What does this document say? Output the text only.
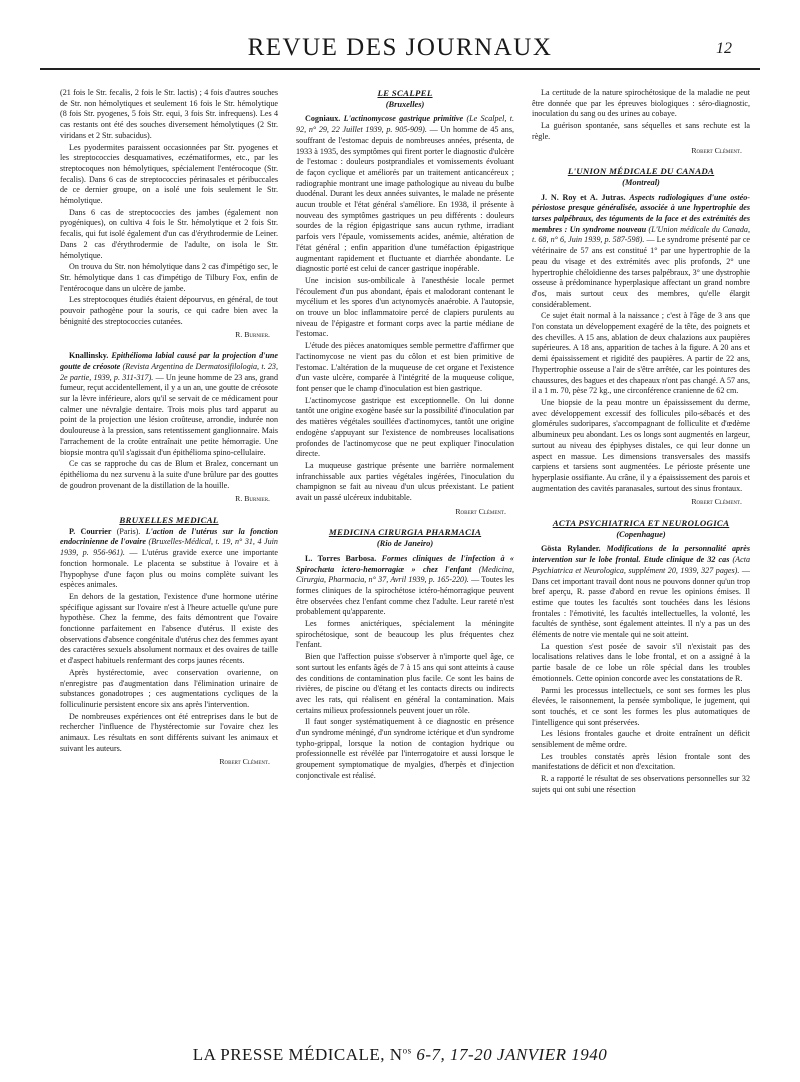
REVUE DES JOURNAUX	12

(21 fois le Str. fecalis, 2 fois le Str. lactis) ; 4 fois d'autres souches de Str. non hémolytiques et seulement 16 fois le Str. hémolytique (8 fois Str. pyogenes, 5 fois Str. equi, 3 fois Str. infrequens). Les 4 cas restants ont été des souches diversement hémolytiques (2 Str. viridans et 2 Str. subacidus).

Les pyodermites paraissent occasionnées par Str. pyogenes et les streptococcies desquamatives, eczématiformes, etc., par les streptocoques non hémolytiques, spécialement l'entérocoque (Str. fecalis). Dans 6 cas de streptococcies périnasales et péribuccales de ce dernier groupe, on a isolé une fois seulement le Str. hémolytique.

Dans 6 cas de streptococcies des jambes (également non pyogéniques), on cultiva 4 fois le Str. hémolytique et 2 fois Str. fecalis, qui fut isolé également d'un cas d'érythrodermie de Leiner. Dans 2 cas d'érythrodermie de l'adulte, on isola le Str. hémolytique.

On trouva du Str. non hémolytique dans 2 cas d'impétigo sec, le Str. hémolytique dans 1 cas d'impétigo de Tilbury Fox, enfin de l'entérocoque dans un ulcère de jambe.

Les streptocoques étudiés étaient dépourvus, en général, de tout pouvoir pathogène pour la souris, ce qui cadre bien avec la bénignité des streptococcies cutanées.

R. Burnier.

Knallinsky. Epithélioma labial causé par la projection d'une goutte de créosote (Revista Argentina de Dermatosifilologia, t. 23, 2e partie, 1939, p. 311-317). — Un jeune homme de 23 ans, grand fumeur, reçut accidentellement, il y a un an, une goutte de créosote sur la lèvre inférieure, alors qu'il se servait de ce médicament pour calmer une névralgie dentaire. Trois mois plus tard apparut au point de la projection une lésion croûteuse, arrondie, indurée non douloureuse à la pression, sans retentissement ganglionnaire. Mais l'arrachement de la croûte entraînait une petite hémorragie. Une biopsie montra qu'il s'agissait d'un épithélioma spino-cellulaire.

Ce cas se rapproche du cas de Blum et Bralez, concernant un épithélioma du nez survenu à la suite d'une brûlure par des gouttes de goudron provenant de la distillation de la houille.

R. Burnier.
BRUXELLES MEDICAL

P. Courrier (Paris). L'action de l'utérus sur la fonction endocrinienne de l'ovaire (Bruxelles-Médical, t. 19, n° 31, 4 Juin 1939, p. 956-961). — L'utérus gravide exerce une importante fonction hormonale. Le placenta se substitue à l'ovaire et à l'hypophyse d'une façon plus ou moins complète suivant les espèces animales.

En dehors de la gestation, l'existence d'une hormone utérine spécifique agissant sur l'ovaire n'est à l'heure actuelle qu'une pure hypothèse. Chez la femme, des faits démontrent que l'ovaire fonctionne parfaitement en l'absence d'utérus. Il existe des observations d'absence congénitale d'utérus chez des femmes ayant des caractères sexuels absolument normaux et des ovaires de taille et d'aspect habituels renfermant des corps jaunes récents.

Après hystérectomie, avec conservation ovarienne, on n'enregistre pas d'augmentation dans l'élimination urinaire de substances gonadotropes ; ces augmentations cycliques de la folliculinurie persistent encore six ans après l'intervention.

De nombreuses expériences ont été entreprises dans le but de rechercher l'influence de l'hystérectomie sur l'ovaire chez les animaux. Les résultats en sont différents suivant les animaux et suivant les auteurs.

Robert Clément.
LE SCALPEL
(Bruxelles)

Cogniaux. L'actinomycose gastrique primitive (Le Scalpel, t. 92, n° 29, 22 Juillet 1939, p. 905-909). — Un homme de 45 ans, souffrant de l'estomac depuis de nombreuses années, présenta, de 1933 à 1935, des symptômes qui firent porter le diagnostic d'ulcère de l'estomac : douleurs postprandiales et vomissements évoluant de façon cyclique et améliorés par un traitement anticancéreux ; radiographie montrant une image pathologique au niveau du bulbe duodénal. Durant les deux années suivantes, le malade ne présente aucun trouble et l'état général s'améliore. En 1938, il présente à nouveau des symptômes gastriques un peu différents : douleurs sourdes de la région épigastrique sans aucun rythme, irradiant parfois vers l'épaule, vomissements acides, anémie, altération de l'état général ; enfin apparition d'une tuméfaction épigastrique augmentant rapidement et fluctuante et diarrhée abondante. Le diagnostic porté est celui de cancer gastrique inopérable.

Une incision sus-ombilicale à l'anesthésie locale permet l'écoulement d'un pus abondant, épais et malodorant contenant le mycélium et les spores d'un actynomycès anaérobie. A l'autopsie, on trouve un bloc inflammatoire percé de clapiers purulents au niveau de l'épigastre et formant corps avec la partie médiane de l'estomac.

L'étude des pièces anatomiques semble permettre d'affirmer que l'actinomycose ne vient pas du côlon et est bien primitive de l'estomac. L'altération de la muqueuse de cet organe et l'existence d'un vaste ulcère, comparée à l'intégrité de la muqueuse colique, font penser que le champ d'inoculation est bien gastrique.

L'actinomycose gastrique est exceptionnelle. On lui donne tantôt une origine exogène basée sur la possibilité d'inoculation par des matières végétales souillées d'actinomyces, tantôt une origine endogène s'appuyant sur l'existence de nombreuses localisations profondes de l'actinomycose que ne peut expliquer l'inoculation directe.

La muqueuse gastrique présente une barrière normalement infranchissable aux parties végétales ingérées, l'inoculation du champignon se fait au niveau d'un ulcus préexistant. Le patient avait un passé ulcéreux indubitable.

Robert Clément.
MEDICINA CIRURGIA PHARMACIA
(Rio de Janeiro)

L. Torres Barbosa. Formes cliniques de l'infection à « Spirochæta ictero-hemorragiæ » chez l'enfant (Medicina, Cirurgia, Pharmacia, n° 37, Avril 1939, p. 165-220). — Toutes les formes cliniques de la spirochétose ictéro-hémorragique peuvent être observées chez l'enfant comme chez l'adulte. Leur rareté n'est probablement qu'apparente.

Les formes anictériques, spécialement la méningite spirochétosique, sont de beaucoup les plus fréquentes chez l'enfant.

Bien que l'affection puisse s'observer à n'importe quel âge, ce sont surtout les enfants âgés de 7 à 15 ans qui sont atteints à cause des conditions de contamination plus facile. Ce sont les bains de rivières, de piscine ou d'étang et les contacts directs ou indirects avec les rats, qui réalisent en général la contamination. Mais certains milieux professionnels peuvent jouer un rôle.

Il faut songer systématiquement à ce diagnostic en présence d'un syndrome méningé, d'un syndrome ictérique et d'un syndrome typho-grippal, lorsque la notion de contagion hydrique ou professionnelle est révélée par l'interrogatoire et aussi lorsque le groupement symptomatique de myalgies, d'herpès et d'injection conjonctivale est réalisé.

La certitude de la nature spirochétosique de la maladie ne peut être donnée que par les épreuves biologiques : séro-diagnostic, inoculation du sang ou des urines au cobaye.

La guérison spontanée, sans séquelles et sans rechute est la règle.

Robert Clément.
L'UNION MÉDICALE DU CANADA
(Montreal)

J. N. Roy et A. Jutras. Aspects radiologiques d'une ostéo-périostose presque généralisée, associée à une hypertrophie des tarses palpébraux, des téguments de la face et des extrémités des membres : Un syndrome nouveau (L'Union médicale du Canada, t. 68, n° 6, Juin 1939, p. 587-598). — Le syndrome présenté par ce vétérinaire de 57 ans est constitué 1° par une hypertrophie de la peau du visage et des extrémités avec plis profonds, 2° une hypertrophie chéloïdienne des tarses palpébraux, 3° une dystrophie osseuse à prédominance hyperplasique affectant un grand nombre d'os, mais surtout ceux des membres, qu'elle élargit considérablement.

Ce sujet était normal à la naissance ; c'est à l'âge de 3 ans que l'on constata un développement exagéré de la tête, des poignets et des chevilles. A 15 ans, ablation de deux chalazions aux paupières supérieures. A 18 ans, apparition de taches à la figure. A 20 ans et demi épaississement et rigidité des paupières. A partir de 22 ans, l'hypertrophie osseuse a l'air de s'être arrêtée, car les pointures des chaussures, des bagues et des chapeaux n'ont pas changé. A 57 ans, il a 1 m. 70, pèse 72 kg., une circonférence cranienne de 62 cm.

Une biopsie de la peau montre un épaississement du derme, avec développement excessif des follicules pilo-sébacés et des glomérules sudoripares, s'accompagnant de folliculite et d'œdème albumineux peu abondant. Les os longs sont augmentés en largeur, surtout au niveau des épiphyses distales, ce qui leur donne un aspect en massue. Les dimensions transversales des massifs carpiens et tarsiens sont augmentées. Le périoste présente une hyperplasie ossifiante. Au crâne, il y a épaississement des parois et augmentation des cavités paranasales, surtout des sinus frontaux.

Robert Clément.
ACTA PSYCHIATRICA ET NEUROLOGICA
(Copenhague)

Gösta Rylander. Modifications de la personnalité après intervention sur le lobe frontal. Etude clinique de 32 cas (Acta Psychiatrica et Neurologica, supplément 20, 1939, 327 pages). — Dans cet important travail dont nous ne pouvons donner qu'un trop bref aperçu, R. passe d'abord en revue les opinions émises. Il estime que toutes les facultés sont touchées dans les lésions frontales : l'émotivité, les facultés intellectuelles, la volonté, les facultés de synthèse, sont également atteintes. Il n'y a pas un des éléments de notre vie mentale qui ne soit atteint.

La question s'est posée de savoir s'il n'existait pas des localisations relatives dans le lobe frontal, et on a assigné à la partie basale de ce lobe un rôle spécial dans les troubles émotionnels. Cette opinion concorde avec les constatations de R.

Parmi les processus intellectuels, ce sont ses formes les plus élevées, le raisonnement, la pensée symbolique, le jugement, qui sont touchés, et ce sont les formes les plus automatiques de l'intelligence qui sont préservées.

Les lésions frontales gauche et droite entraînent un déficit sensiblement de même ordre.

Les troubles constatés après lésion frontale sont des manifestations de déficit et non d'excitation.

R. a rapporté le résultat de ses observations personnelles sur 32 sujets qui ont subi une résection

LA PRESSE MÉDICALE, $N^{os}$ 6-7, 17-20 JANVIER 1940
